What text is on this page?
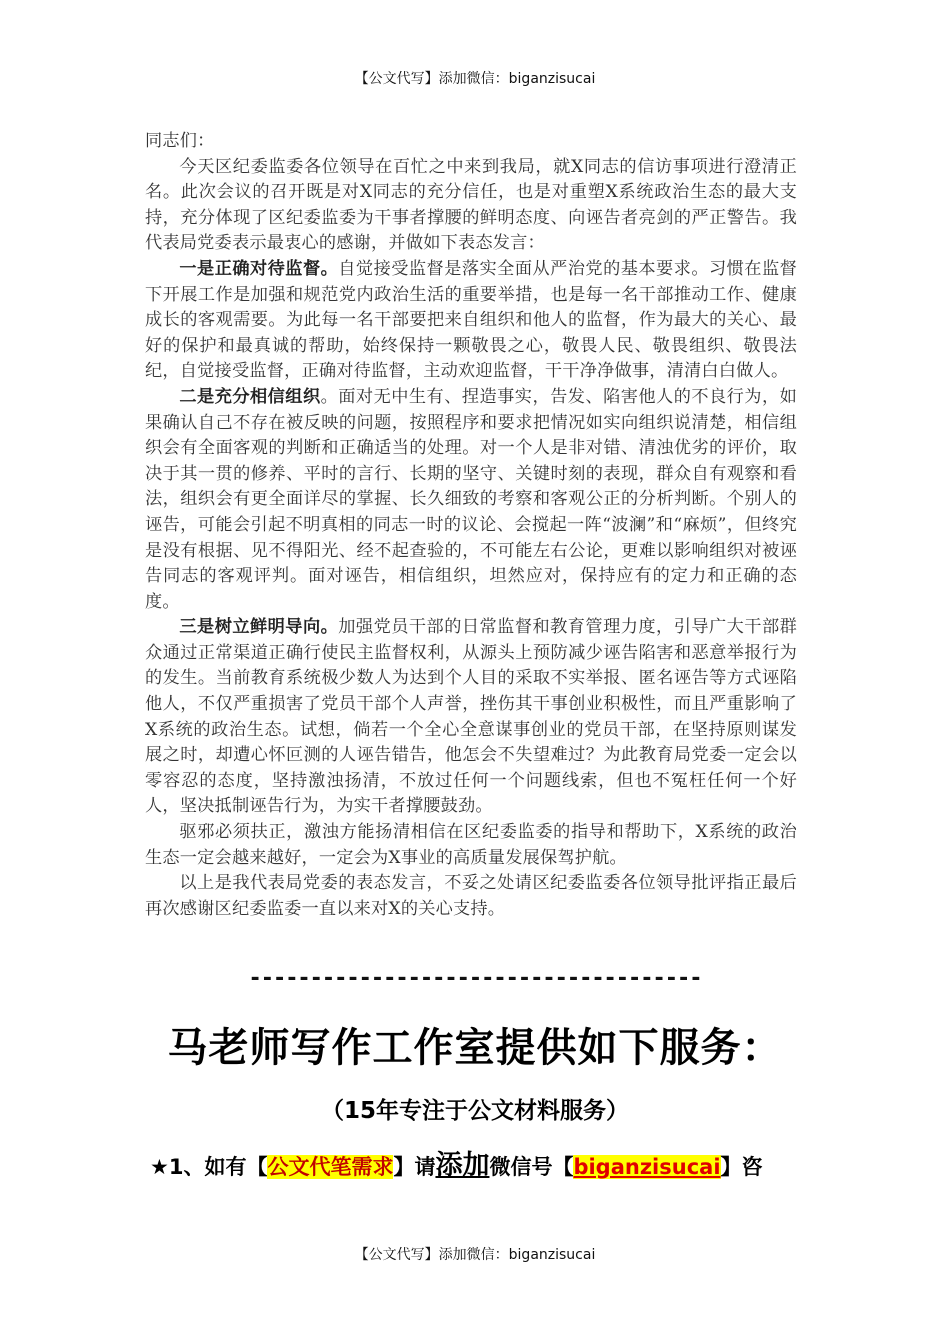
【公文代写】添加微信：biganzisucai

同志们：

今天区纪委监委各位领导在百忙之中来到我局，就X同志的信访事项进行澄清正名。此次会议的召开既是对X同志的充分信任，也是对重塑X系统政治生态的最大支持，充分体现了区纪委监委为干事者撑腰的鲜明态度、向诬告者亮剑的严正警告。我代表局党委表示最衷心的感谢，并做如下表态发言：

一是正确对待监督。自觉接受监督是落实全面从严治党的基本要求。习惯在监督下开展工作是加强和规范党内政治生活的重要举措，也是每一名干部推动工作、健康成长的客观需要。为此每一名干部要把来自组织和他人的监督，作为最大的关心、最好的保护和最真诚的帮助，始终保持一颗敬畏之心，敬畏人民、敬畏组织、敬畏法纪，自觉接受监督，正确对待监督，主动欢迎监督，干干净净做事，清清白白做人。

二是充分相信组织。面对无中生有、捏造事实，告发、陷害他人的不良行为，如果确认自己不存在被反映的问题，按照程序和要求把情况如实向组织说清楚，相信组织会有全面客观的判断和正确适当的处理。对一个人是非对错、清浊优劣的评价，取决于其一贯的修养、平时的言行、长期的坚守、关键时刻的表现，群众自有观察和看法，组织会有更全面详尽的掌握、长久细致的考察和客观公正的分析判断。个别人的诬告，可能会引起不明真相的同志一时的议论、会搅起一阵“波澜”和“麻烦”，但终究是没有根据、见不得阳光、经不起查验的，不可能左右公论，更难以影响组织对被诬告同志的客观评判。面对诬告，相信组织，坦然应对，保持应有的定力和正确的态度。

三是树立鲜明导向。加强党员干部的日常监督和教育管理力度，引导广大干部群众通过正常渠道正确行使民主监督权利，从源头上预防减少诬告陷害和恶意举报行为的发生。当前教育系统极少数人为达到个人目的采取不实举报、匿名诬告等方式诬陷他人，不仅严重损害了党员干部个人声誉，挫伤其干事创业积极性，而且严重影响了X系统的政治生态。试想，倘若一个全心全意谋事创业的党员干部，在坚持原则谋发展之时，却遭心怀叵测的人诬告错告，他怎会不失望难过？为此教育局党委一定会以零容忍的态度，坚持激浊扬清，不放过任何一个问题线索，但也不冤枉任何一个好人，坚决抵制诬告行为，为实干者撑腰鼓劲。

驱邪必须扶正，激浊方能扬清相信在区纪委监委的指导和帮助下，X系统的政治生态一定会越来越好，一定会为X事业的高质量发展保驾护航。

以上是我代表局党委的表态发言，不妥之处请区纪委监委各位领导批评指正最后再次感谢区纪委监委一直以来对X的关心支持。

-------------------------------------
马老师写作工作室提供如下服务：
（15年专注于公文材料服务）
★1、如有【公文代笔需求】请添加微信号【biganzisucai】咨
【公文代写】添加微信：biganzisucai
